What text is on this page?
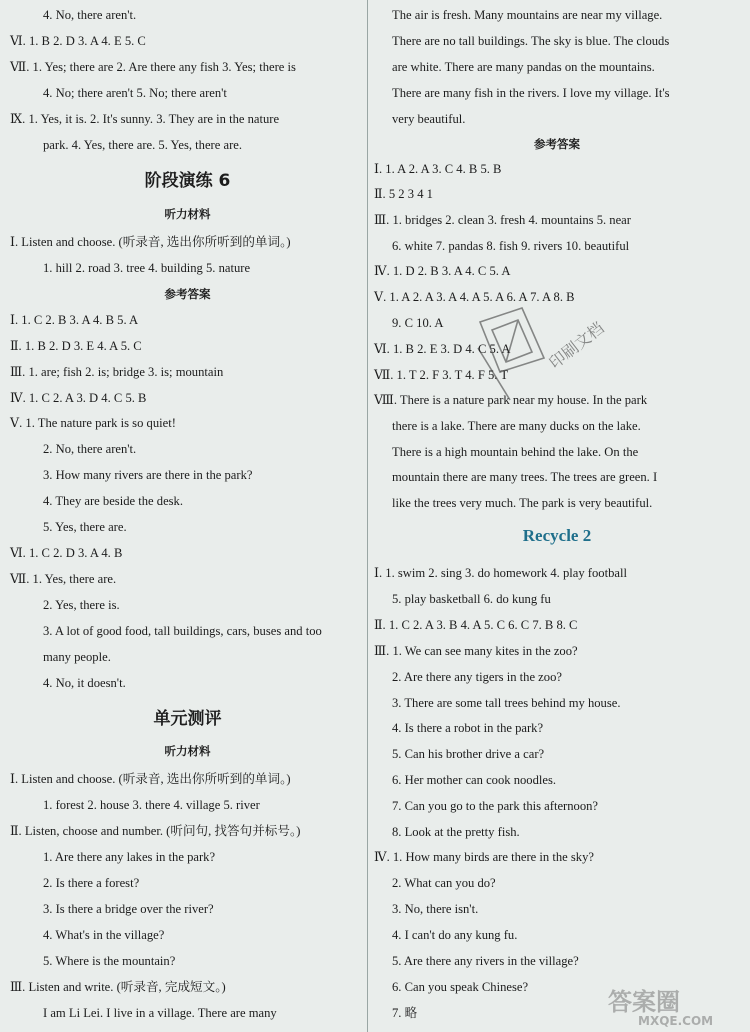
4. No, there aren't.
Ⅵ. 1. B 2. D 3. A 4. E 5. C
Ⅶ. 1. Yes; there are 2. Are there any fish 3. Yes; there is
4. No; there aren't 5. No; there aren't
Ⅸ. 1. Yes, it is. 2. It's sunny. 3. They are in the nature
park. 4. Yes, there are. 5. Yes, there are.
阶段演练 6
听力材料
Ⅰ. Listen and choose. (听录音, 选出你所听到的单词。)
1. hill 2. road 3. tree 4. building 5. nature
参考答案
Ⅰ. 1. C 2. B 3. A 4. B 5. A
Ⅱ. 1. B 2. D 3. E 4. A 5. C
Ⅲ. 1. are; fish 2. is; bridge 3. is; mountain
Ⅳ. 1. C 2. A 3. D 4. C 5. B
Ⅴ. 1. The nature park is so quiet!
2. No, there aren't.
3. How many rivers are there in the park?
4. They are beside the desk.
5. Yes, there are.
Ⅵ. 1. C 2. D 3. A 4. B
Ⅶ. 1. Yes, there are.
2. Yes, there is.
3. A lot of good food, tall buildings, cars, buses and too
many people.
4. No, it doesn't.
单元测评
听力材料
Ⅰ. Listen and choose. (听录音, 选出你所听到的单词。)
1. forest 2. house 3. there 4. village 5. river
Ⅱ. Listen, choose and number. (听问句, 找答句并标号。)
1. Are there any lakes in the park?
2. Is there a forest?
3. Is there a bridge over the river?
4. What's in the village?
5. Where is the mountain?
Ⅲ. Listen and write. (听录音, 完成短文。)
I am Li Lei. I live in a village. There are many
The air is fresh. Many mountains are near my village.
There are no tall buildings. The sky is blue. The clouds
are white. There are many pandas on the mountains.
There are many fish in the rivers. I love my village. It's
very beautiful.
参考答案
Ⅰ. 1. A 2. A 3. C 4. B 5. B
Ⅱ. 5 2 3 4 1
Ⅲ. 1. bridges 2. clean 3. fresh 4. mountains 5. near
6. white 7. pandas 8. fish 9. rivers 10. beautiful
Ⅳ. 1. D 2. B 3. A 4. C 5. A
Ⅴ. 1. A 2. A 3. A 4. A 5. A 6. A 7. A 8. B
9. C 10. A
Ⅵ. 1. B 2. E 3. D 4. C 5. A
Ⅶ. 1. T 2. F 3. T 4. F 5. T
Ⅷ. There is a nature park near my house. In the park
there is a lake. There are many ducks on the lake.
There is a high mountain behind the lake. On the
mountain there are many trees. The trees are green. I
like the trees very much. The park is very beautiful.
Recycle 2
Ⅰ. 1. swim 2. sing 3. do homework 4. play football
5. play basketball 6. do kung fu
Ⅱ. 1. C 2. A 3. B 4. A 5. C 6. C 7. B 8. C
Ⅲ. 1. We can see many kites in the zoo?
2. Are there any tigers in the zoo?
3. There are some tall trees behind my house.
4. Is there a robot in the park?
5. Can his brother drive a car?
6. Her mother can cook noodles.
7. Can you go to the park this afternoon?
8. Look at the pretty fish.
Ⅳ. 1. How many birds are there in the sky?
2. What can you do?
3. No, there isn't.
4. I can't do any kung fu.
5. Are there any rivers in the village?
6. Can you speak Chinese?
7. 略
印刷文档
答案圈
MXQE.COM
